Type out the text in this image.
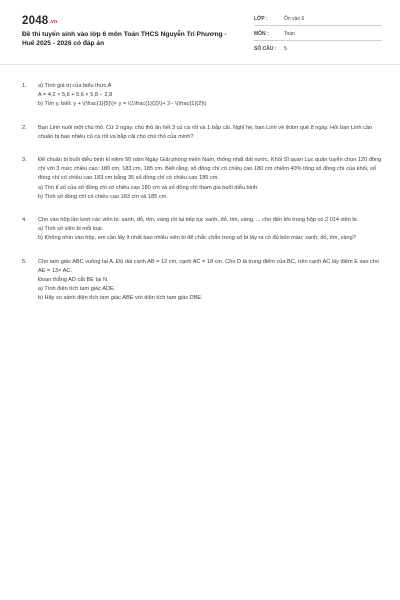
$2048^{.vn}$
Đề thi tuyển sinh vào lớp 6 môn Toán THCS Nguyễn Tri Phương - Huế 2025 - 2026 có đáp án
LỚP :	Ôn vào 6
MÔN :	Toán
SỐ CÂU : 5
1. a) Tính giá trị của biểu thức A

A = 4,2 × 5,6 + 5,6 × 5,8 − 2,8

b) Tìm y, biết: y + \(\frac{1}{5}\)× y = \(1\frac{1}{2}\)+ 2− \(\frac{1}{2}\)

2. Bạn Linh nuôi một chú thỏ. Cứ 2 ngày, chú thỏ ăn hết 3 củ cà rốt và 1 bắp cải. Nghỉ hè, bạn Linh về thăm quê 8 ngày. Hỏi bạn Linh cần chuẩn bị bao nhiêu củ cà rốt và bắp cải cho chú thỏ của mình?

3. Để chuẩn bị buổi diễu binh kỉ niệm 50 năm Ngày Giải phóng miền Nam, thống nhất đất nước, Khối Sĩ quan Lục quân tuyển chọn 120 đồng chí với 3 mức chiều cao: 180 cm, 183 cm, 185 cm. Biết rằng, số đồng chí có chiều cao 180 cm chiếm 40% tổng số đồng chí của khối, số đồng chí có chiều cao 183 cm bằng 35 số đồng chí có chiều cao 185 cm.

a) Tìm tỉ số của số đồng chí có chiều cao 180 cm và số đồng chí tham gia buổi diễu binh.

b) Tính số đồng chí có chiều cao 183 cm và 185 cm.

4. Cho vào hộp lần lượt các viên bi: xanh, đỏ, tím, vàng rồi lại tiếp tục xanh, đỏ, tím, vàng, ... cho đến khi trong hộp có 2 014 viên bi.

a) Tính số viên bi mỗi loại.

b) Không nhìn vào hộp, em cần lấy ít nhất bao nhiêu viên bi để chắc chắn trong số bi lấy ra có đủ bốn màu: xanh, đỏ, tím, vàng?

5. Cho tam giác ABC vuông tại A. Độ dài cạnh AB = 12 cm, cạnh AC = 18 cm. Cho D là trung điểm của BC, trên cạnh AC lấy điểm E sao cho AE = 13× AC.

Đoạn thẳng AD cắt BE tại N.

a) Tính diện tích tam giác ADE.

b) Hãy so sánh diện tích tam giác ABE với diện tích tam giác DBE.
